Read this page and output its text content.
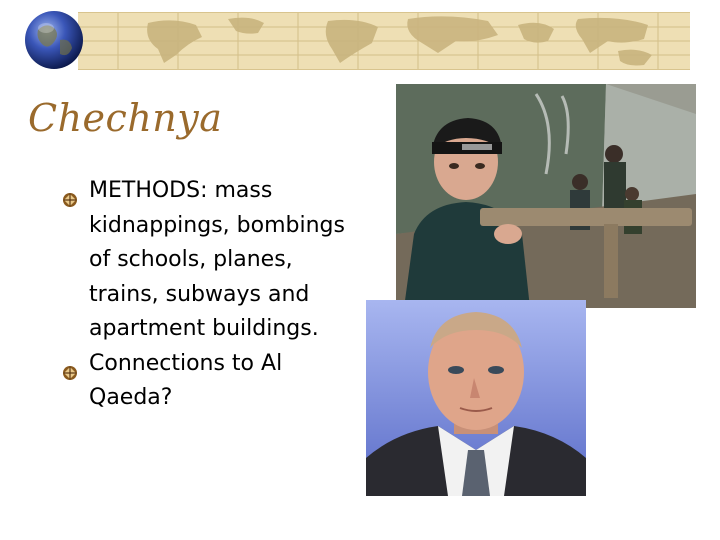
Chechnya
METHODS: mass kidnappings, bombings of schools, planes, trains, subways and apartment buildings.
Connections to Al Qaeda?
